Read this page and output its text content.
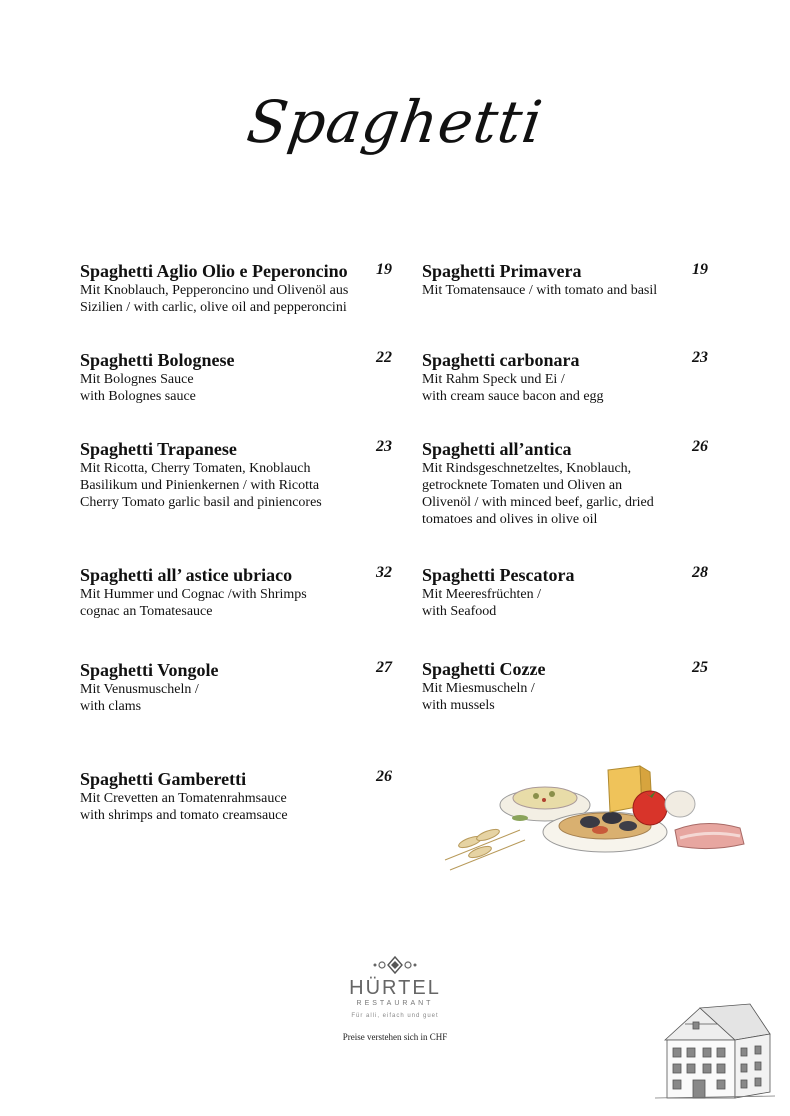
Spaghetti
Spaghetti Aglio Olio e Peperoncino
Mit Knoblauch, Pepperoncino und Olivenöl aus
Sizilien / with carlic, olive oil and pepperoncini
19
Spaghetti Bolognese
Mit Bolognes Sauce
with Bolognes sauce
22
Spaghetti Trapanese
Mit Ricotta, Cherry Tomaten, Knoblauch
Basilikum und Pinienkernen / with Ricotta
Cherry Tomato garlic basil and piniencores
23
Spaghetti all’ astice ubriaco
Mit Hummer und Cognac /with Shrimps
cognac an Tomatesauce
32
Spaghetti Vongole
Mit Venusmuscheln /
with clams
27
Spaghetti Gamberetti
Mit Crevetten an Tomatenrahmsauce
with shrimps and tomato creamsauce
26
Spaghetti Primavera
Mit Tomatensauce / with tomato and basil
19
Spaghetti carbonara
Mit Rahm Speck und Ei /
with cream sauce bacon and egg
23
Spaghetti all’antica
Mit Rindsgeschnetzeltes, Knoblauch,
getrocknete Tomaten und Oliven an
Olivenöl / with minced beef, garlic, dried
tomatoes and olives in olive oil
26
Spaghetti Pescatora
Mit Meeresfrüchten /
with Seafood
28
Spaghetti Cozze
Mit Miesmuscheln /
with mussels
25
HÜRTEL
RESTAURANT
Für alli, eifach und guet
Preise verstehen sich in CHF
